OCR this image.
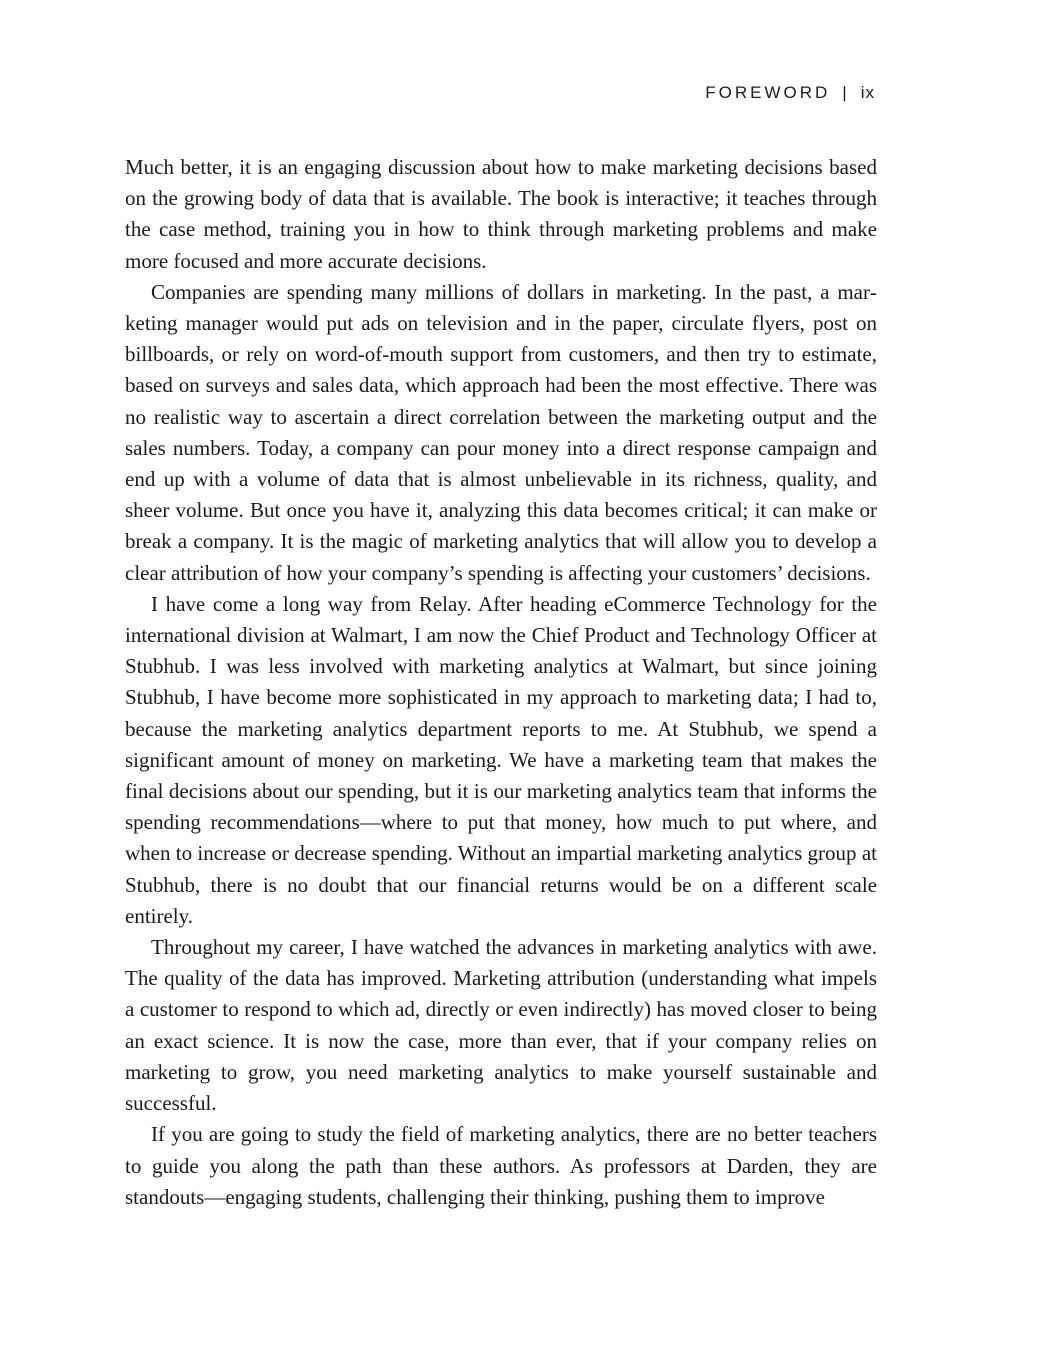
FOREWORD | ix

Much better, it is an engaging discussion about how to make marketing decisions based on the growing body of data that is available. The book is interactive; it teaches through the case method, training you in how to think through marketing problems and make more focused and more accurate decisions.

Companies are spending many millions of dollars in marketing. In the past, a marketing manager would put ads on television and in the paper, circulate flyers, post on billboards, or rely on word-of-mouth support from customers, and then try to estimate, based on surveys and sales data, which approach had been the most effective. There was no realistic way to ascertain a direct correlation between the marketing output and the sales numbers. Today, a company can pour money into a direct response campaign and end up with a volume of data that is almost unbelievable in its richness, quality, and sheer volume. But once you have it, analyzing this data becomes critical; it can make or break a company. It is the magic of marketing analytics that will allow you to develop a clear attribution of how your company’s spending is affecting your customers’ decisions.

I have come a long way from Relay. After heading eCommerce Technology for the international division at Walmart, I am now the Chief Product and Technology Officer at Stubhub. I was less involved with marketing analytics at Walmart, but since joining Stubhub, I have become more sophisticated in my approach to marketing data; I had to, because the marketing analytics department reports to me. At Stubhub, we spend a significant amount of money on marketing. We have a marketing team that makes the final decisions about our spending, but it is our marketing analytics team that informs the spending recommendations—where to put that money, how much to put where, and when to increase or decrease spending. Without an impartial marketing analytics group at Stubhub, there is no doubt that our financial returns would be on a different scale entirely.

Throughout my career, I have watched the advances in marketing analytics with awe. The quality of the data has improved. Marketing attribution (understanding what impels a customer to respond to which ad, directly or even indirectly) has moved closer to being an exact science. It is now the case, more than ever, that if your company relies on marketing to grow, you need marketing analytics to make yourself sustainable and successful.

If you are going to study the field of marketing analytics, there are no better teachers to guide you along the path than these authors. As professors at Darden, they are standouts—engaging students, challenging their thinking, pushing them to improve
